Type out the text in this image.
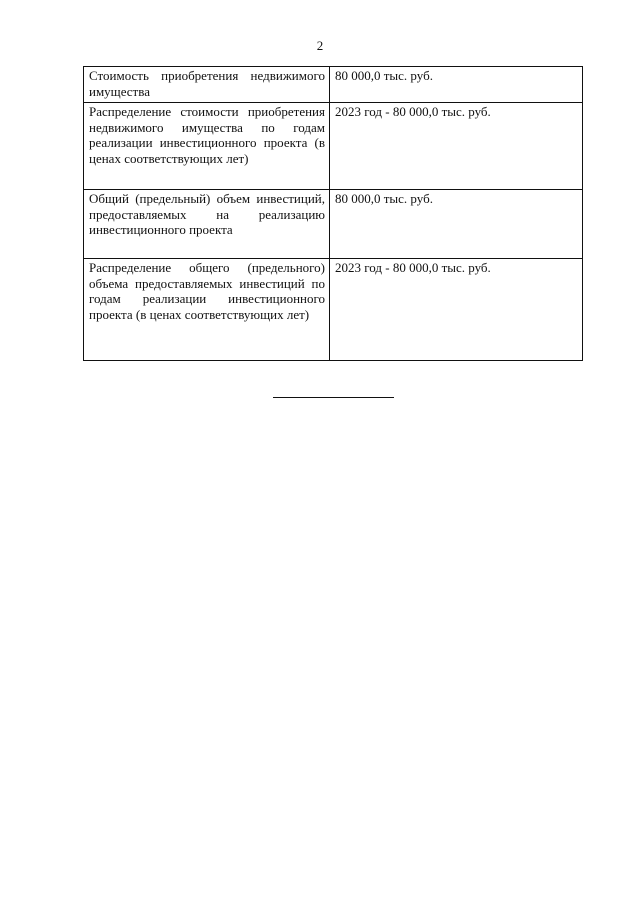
2
Стоимость приобретения недвижимого имущества	80 000,0 тыс. руб.
Распределение стоимости приобретения недвижимого имущества по годам реализации инвестиционного проекта (в ценах соответствующих лет)	2023 год - 80 000,0 тыс. руб.
Общий (предельный) объем инвестиций, предоставляемых на реализацию инвестиционного проекта	80 000,0 тыс. руб.
Распределение общего (предельного) объема предоставляемых инвестиций по годам реализации инвестиционного проекта (в ценах соответствующих лет)	2023 год - 80 000,0 тыс. руб.
